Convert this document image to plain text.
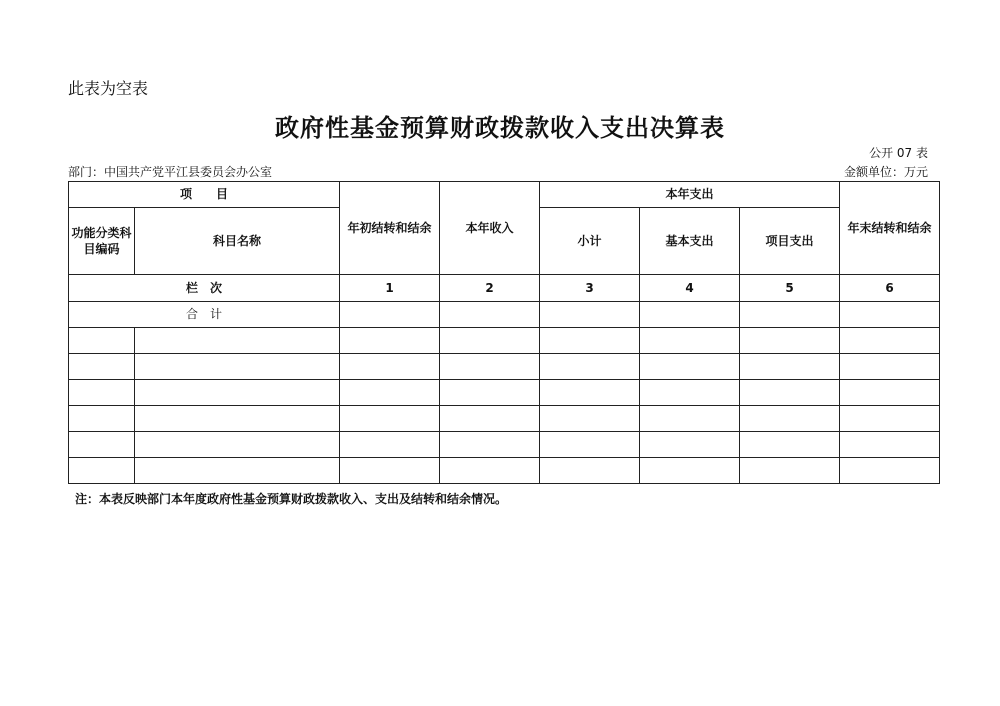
此表为空表
政府性基金预算财政拨款收入支出决算表
公开 07 表
部门：中国共产党平江县委员会办公室	金额单位：万元
项　　目		年初结转和结余	本年收入	本年支出			年末结转和结余
功能分类科目编码	科目名称			小计	基本支出	项目支出	
栏　次		1	2	3	4	5	6
合　计							

注：本表反映部门本年度政府性基金预算财政拨款收入、支出及结转和结余情况。
